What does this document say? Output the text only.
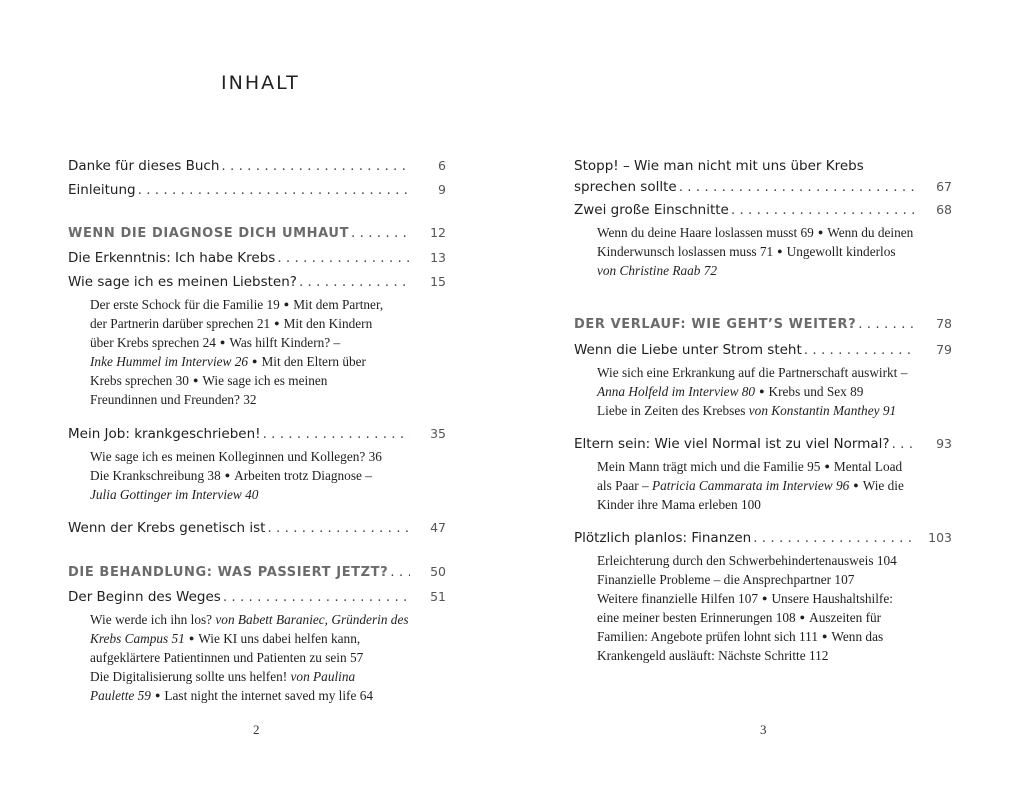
INHALT
Danke für dieses Buch . . .	6
Einleitung . . .	9
WENN DIE DIAGNOSE DICH UMHAUT . . .	12
Die Erkenntnis: Ich habe Krebs . . .	13
Wie sage ich es meinen Liebsten? . . .	15
Der erste Schock für die Familie 19 ● Mit dem Partner,
der Partnerin darüber sprechen 21 ● Mit den Kindern
über Krebs sprechen 24 ● Was hilft Kindern? –
Inke Hummel im Interview 26 ● Mit den Eltern über
Krebs sprechen 30 ● Wie sage ich es meinen
Freundinnen und Freunden? 32
Mein Job: krankgeschrieben! . . .	35
Wie sage ich es meinen Kolleginnen und Kollegen? 36
Die Krankschreibung 38 ● Arbeiten trotz Diagnose –
Julia Gottinger im Interview 40
Wenn der Krebs genetisch ist . . .	47
DIE BEHANDLUNG: WAS PASSIERT JETZT? . . .	50
Der Beginn des Weges . . .	51
Wie werde ich ihn los? von Babett Baraniec, Gründerin des
Krebs Campus 51 ● Wie KI uns dabei helfen kann,
aufgeklärtere Patientinnen und Patienten zu sein 57
Die Digitalisierung sollte uns helfen! von Paulina
Paulette 59 ● Last night the internet saved my life 64
2
Stopp! – Wie man nicht mit uns über Krebs
sprechen sollte . . .	67
Zwei große Einschnitte . . .	68
Wenn du deine Haare loslassen musst 69 ● Wenn du deinen
Kinderwunsch loslassen muss 71 ● Ungewollt kinderlos
von Christine Raab 72
DER VERLAUF: WIE GEHT’S WEITER? . . .	78
Wenn die Liebe unter Strom steht . . .	79
Wie sich eine Erkrankung auf die Partnerschaft auswirkt –
Anna Holfeld im Interview 80 ● Krebs und Sex 89
Liebe in Zeiten des Krebses von Konstantin Manthey 91
Eltern sein: Wie viel Normal ist zu viel Normal? . . .	93
Mein Mann trägt mich und die Familie 95 ● Mental Load
als Paar – Patricia Cammarata im Interview 96 ● Wie die
Kinder ihre Mama erleben 100
Plötzlich planlos: Finanzen . . .	103
Erleichterung durch den Schwerbehindertenausweis 104
Finanzielle Probleme – die Ansprechpartner 107
Weitere finanzielle Hilfen 107 ● Unsere Haushaltshilfe:
eine meiner besten Erinnerungen 108 ● Auszeiten für
Familien: Angebote prüfen lohnt sich 111 ● Wenn das
Krankengeld ausläuft: Nächste Schritte 112
3
